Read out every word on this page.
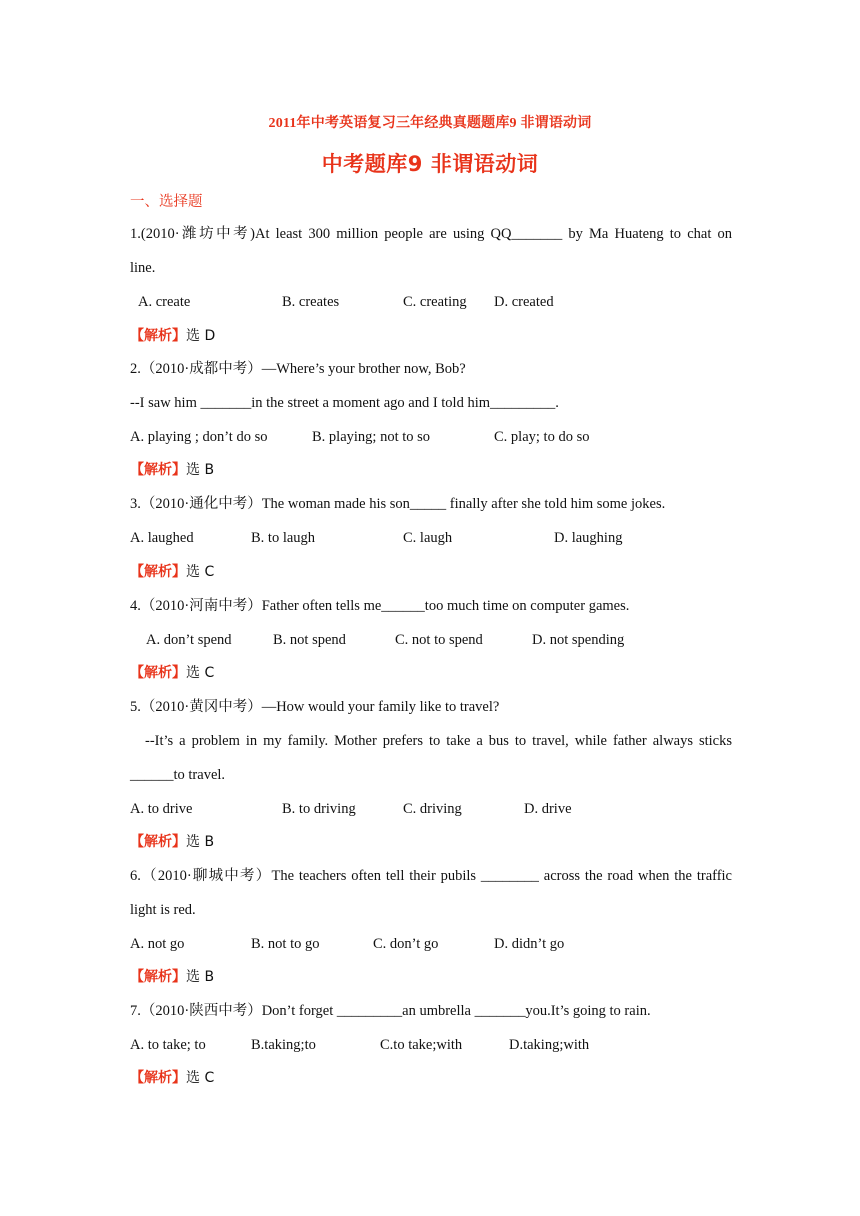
2011年中考英语复习三年经典真题题库9 非谓语动词
中考题库9 非谓语动词
一、选择题
1.(2010·潍坊中考)At least 300 million people are using QQ_______ by Ma Huateng to chat on
line.
A. create	B. creates	C. creating D. created
【解析】选 D
2.（2010·成都中考）—Where’s your brother now, Bob?
--I saw him _______in the street a moment ago and I told him_________.
A. playing ; don’t do so	B. playing; not to so	C. play; to do so
【解析】选 B
3.（2010·通化中考）The woman made his son_____ finally after she told him some jokes.
A. laughed	B. to laugh	C. laugh	D. laughing
【解析】选 C
4.（2010·河南中考）Father often tells me______too much time on computer games.
A. don’t spend	B. not spend	C. not to spend	D. not spending
【解析】选 C
5.（2010·黄冈中考）—How would your family like to travel?
--It’s a problem in my family. Mother prefers to take a bus to travel, while father always sticks
______to travel.
A. to drive	B. to driving	C. driving	D. drive
【解析】选 B
6.（2010·聊城中考）The teachers often tell their pubils ________ across the road when the traffic
light is red.
A. not go	B. not to go	C. don’t go	D. didn’t go
【解析】选 B
7.（2010·陕西中考）Don’t forget _________an umbrella _______you.It’s going to rain.
A. to take; to	B.taking;to	C.to take;with	D.taking;with
【解析】选 C
